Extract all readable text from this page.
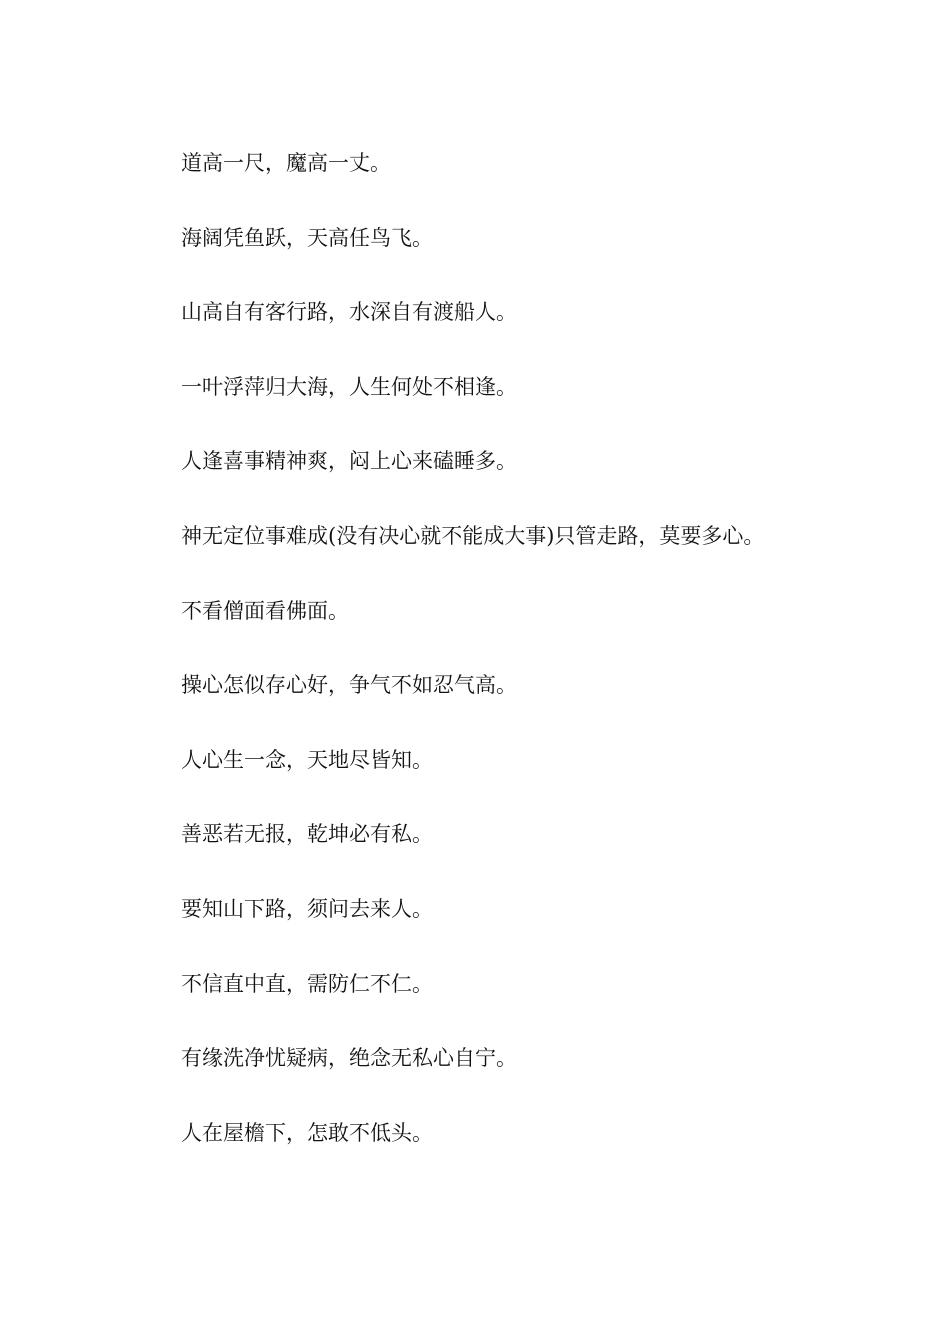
道高一尺，魔高一丈。
海阔凭鱼跃，天高任鸟飞。
山高自有客行路，水深自有渡船人。
一叶浮萍归大海，人生何处不相逢。
人逢喜事精神爽，闷上心来磕睡多。
神无定位事难成(没有决心就不能成大事)只管走路，莫要多心。
不看僧面看佛面。
操心怎似存心好，争气不如忍气高。
人心生一念，天地尽皆知。
善恶若无报，乾坤必有私。
要知山下路，须问去来人。
不信直中直，需防仁不仁。
有缘洗净忧疑病，绝念无私心自宁。
人在屋檐下，怎敢不低头。
